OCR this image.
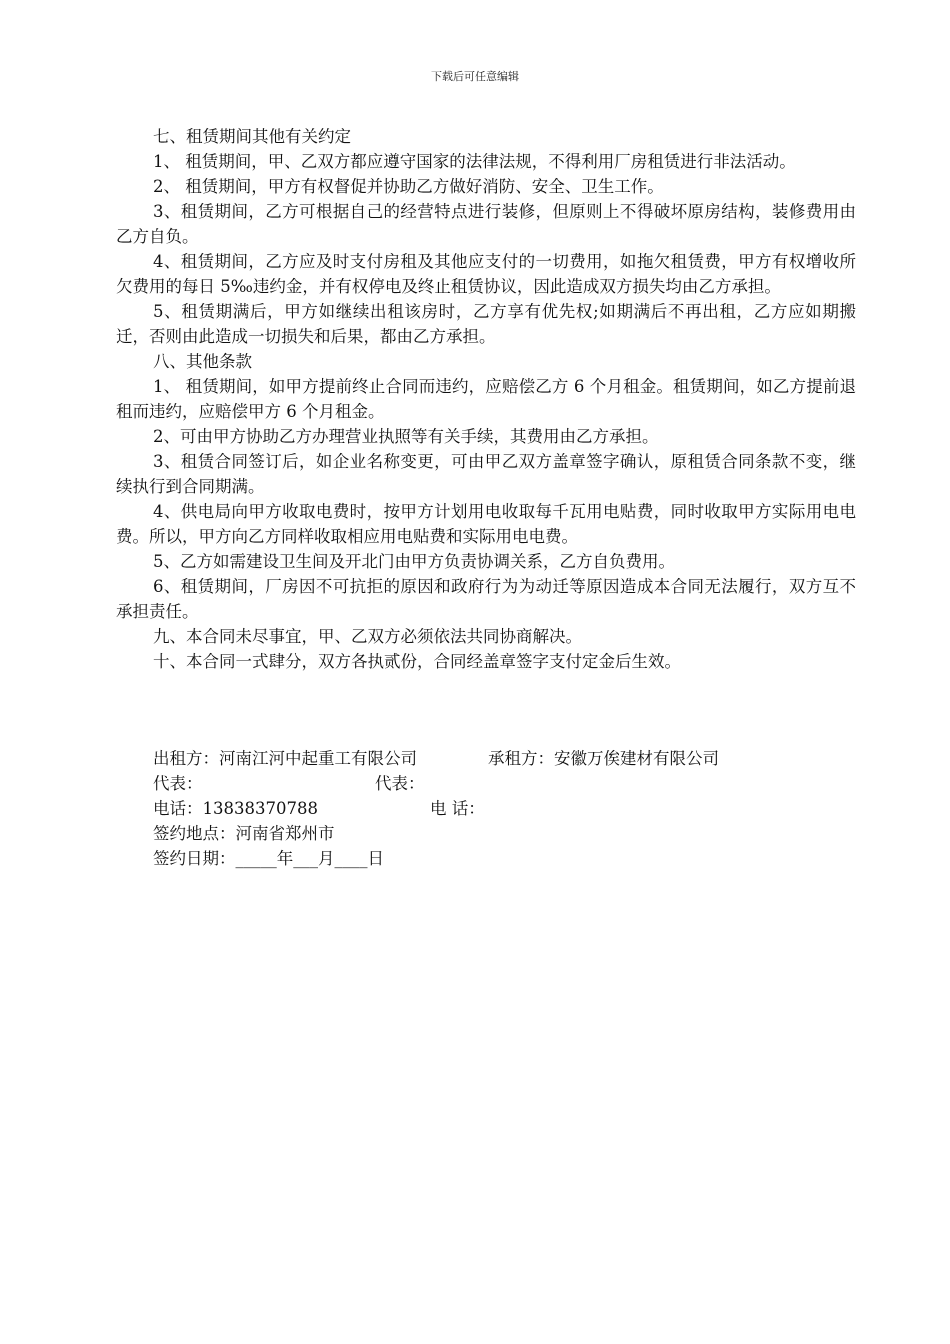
下载后可任意编辑

七、租赁期间其他有关约定

1、 租赁期间，甲、乙双方都应遵守国家的法律法规，不得利用厂房租赁进行非法活动。

2、 租赁期间，甲方有权督促并协助乙方做好消防、安全、卫生工作。

3、租赁期间，乙方可根据自己的经营特点进行装修，但原则上不得破坏原房结构，装修费用由乙方自负。

4、租赁期间，乙方应及时支付房租及其他应支付的一切费用，如拖欠租赁费，甲方有权增收所欠费用的每日 5‰违约金，并有权停电及终止租赁协议，因此造成双方损失均由乙方承担。

5、租赁期满后，甲方如继续出租该房时，乙方享有优先权;如期满后不再出租，乙方应如期搬迁，否则由此造成一切损失和后果，都由乙方承担。

八、其他条款

1、 租赁期间，如甲方提前终止合同而违约，应赔偿乙方 6 个月租金。租赁期间，如乙方提前退租而违约，应赔偿甲方 6 个月租金。

2、可由甲方协助乙方办理营业执照等有关手续，其费用由乙方承担。

3、租赁合同签订后，如企业名称变更，可由甲乙双方盖章签字确认，原租赁合同条款不变，继续执行到合同期满。

4、供电局向甲方收取电费时，按甲方计划用电收取每千瓦用电贴费，同时收取甲方实际用电电费。所以，甲方向乙方同样收取相应用电贴费和实际用电电费。

5、乙方如需建设卫生间及开北门由甲方负责协调关系，乙方自负费用。

6、租赁期间，厂房因不可抗拒的原因和政府行为为动迁等原因造成本合同无法履行，双方互不承担责任。

九、本合同未尽事宜，甲、乙双方必须依法共同协商解决。

十、本合同一式肆分，双方各执贰份，合同经盖章签字支付定金后生效。

出租方：河南江河中起重工有限公司	承租方：安徽万俟建材有限公司
代表：	代表：
电话：13838370788	电 话：
签约地点：河南省郑州市
签约日期：_____年___月____日
